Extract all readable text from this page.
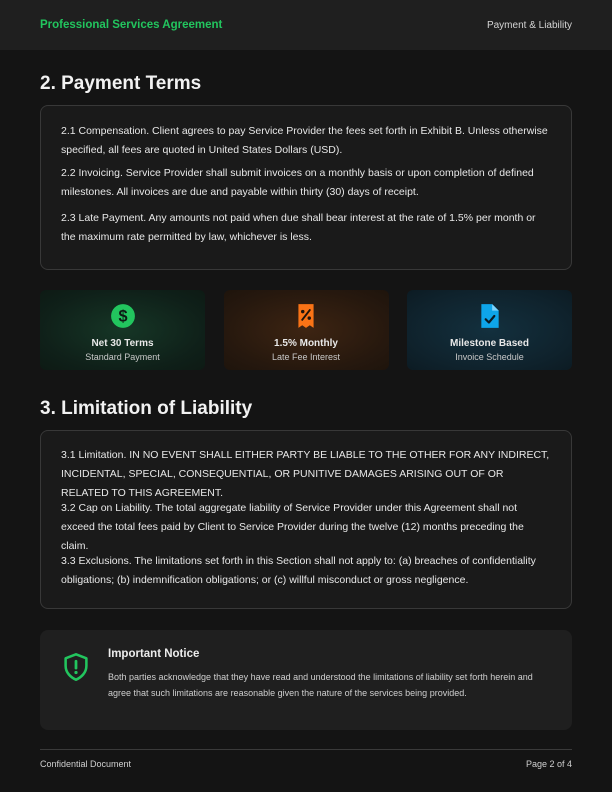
Professional Services Agreement	Payment & Liability
2. Payment Terms

2.1 Compensation. Client agrees to pay Service Provider the fees set forth in Exhibit B. Unless otherwise specified, all fees are quoted in United States Dollars (USD).

2.2 Invoicing. Service Provider shall submit invoices on a monthly basis or upon completion of defined milestones. All invoices are due and payable within thirty (30) days of receipt.

2.3 Late Payment. Any amounts not paid when due shall bear interest at the rate of 1.5% per month or the maximum rate permitted by law, whichever is less.

$
Net 30 Terms
Standard Payment
1.5% Monthly
Late Fee Interest
Milestone Based
Invoice Schedule
3. Limitation of Liability

3.1 Limitation. IN NO EVENT SHALL EITHER PARTY BE LIABLE TO THE OTHER FOR ANY INDIRECT, INCIDENTAL, SPECIAL, CONSEQUENTIAL, OR PUNITIVE DAMAGES ARISING OUT OF OR RELATED TO THIS AGREEMENT.

3.2 Cap on Liability. The total aggregate liability of Service Provider under this Agreement shall not exceed the total fees paid by Client to Service Provider during the twelve (12) months preceding the claim.

3.3 Exclusions. The limitations set forth in this Section shall not apply to: (a) breaches of confidentiality obligations; (b) indemnification obligations; or (c) willful misconduct or gross negligence.

Important Notice

Both parties acknowledge that they have read and understood the limitations of liability set forth herein and agree that such limitations are reasonable given the nature of the services being provided.

Confidential Document	Page 2 of 4
